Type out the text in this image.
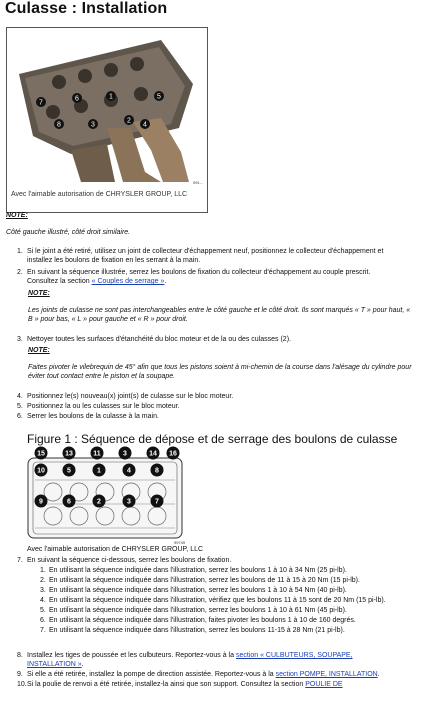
Culasse : Installation
7
6	1	5
8	3
2
4
091...
Avec l'aimable autorisation de CHRYSLER GROUP, LLC
NOTE:
Côté gauche illustré, côté droit similaire.
1. Si le joint a été retiré, utilisez un joint de collecteur d'échappement neuf, positionnez le collecteur d'échappement et installez les boulons de fixation en les serrant à la main.
2. En suivant la séquence illustrée, serrez les boulons de fixation du collecteur d'échappement au couple prescrit. Consultez la section « Couples de serrage ».
NOTE:
Les joints de culasse ne sont pas interchangeables entre le côté gauche et le côté droit. Ils sont marqués « T » pour haut, « B » pour bas, « L » pour gauche et « R » pour droit.
3. Nettoyer toutes les surfaces d'étanchéité du bloc moteur et de la ou des culasses (2).
NOTE:
Faites pivoter le vilebrequin de 45° afin que tous les pistons soient à mi-chemin de la course dans l'alésage du cylindre pour éviter tout contact entre le piston et la soupape.
4. Positionnez le(s) nouveau(x) joint(s) de culasse sur le bloc moteur.
5. Positionnez la ou les culasses sur le bloc moteur.
6. Serrer les boulons de la culasse à la main.
Figure 1 : Séquence de dépose et de serrage des boulons de culasse
15	13	11	3	14 16
10	5	1	4	8
9	6	2	3	7
99749
Avec l'aimable autorisation de CHRYSLER GROUP, LLC
7. En suivant la séquence ci-dessous, serrez les boulons de fixation.
1. En utilisant la séquence indiquée dans l'illustration, serrez les boulons 1 à 10 à 34 Nm (25 pi-lb).
2. En utilisant la séquence indiquée dans l'illustration, serrez les boulons de 11 à 15 à 20 Nm (15 pi-lb).
3. En utilisant la séquence indiquée dans l'illustration, serrez les boulons 1 à 10 à 54 Nm (40 pi-lb).
4. En utilisant la séquence indiquée dans l'illustration, vérifiez que les boulons 11 à 15 sont de 20 Nm (15 pi-lb).
5. En utilisant la séquence indiquée dans l'illustration, serrez les boulons 1 à 10 à 61 Nm (45 pi-lb).
6. En utilisant la séquence indiquée dans l'illustration, faites pivoter les boulons 1 à 10 de 160 degrés.
7. En utilisant la séquence indiquée dans l'illustration, serrez les boulons 11-15 à 28 Nm (21 pi-lb).
8. Installez les tiges de poussée et les culbuteurs. Reportez-vous à la section « CULBUTEURS, SOUPAPE, INSTALLATION ».
9. Si elle a été retirée, installez la pompe de direction assistée. Reportez-vous à la section POMPE, INSTALLATION.
10. Si la poulie de renvoi a été retirée, installez-la ainsi que son support. Consultez la section POULIE DE
